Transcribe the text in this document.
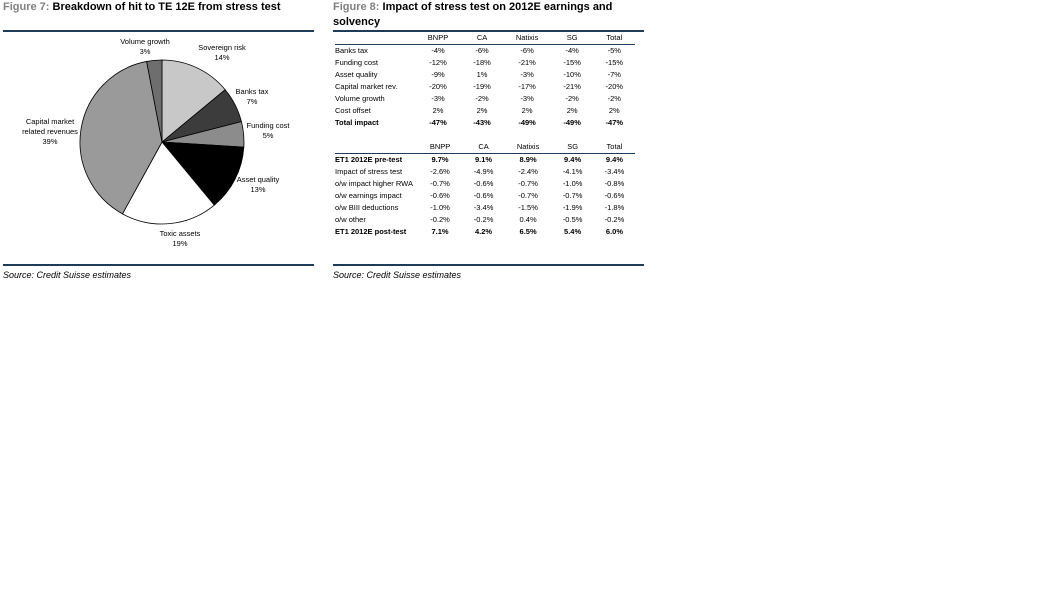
Figure 7: Breakdown of hit to TE 12E from stress test
Sovereign risk
14%
Banks tax
7%
Funding cost
5%
Asset quality
13%
Toxic assets
19%
Capital market
related revenues
39%
Volume growth
3%
Source: Credit Suisse estimates
Figure 8: Impact of stress test on 2012E earnings and
solvency
	BNPP	CA	Natixis	SG	Total
Banks tax	-4%	-6%	-6%	-4%	-5%
Funding cost	-12%	-18%	-21%	-15%	-15%
Asset quality	-9%	1%	-3%	-10%	-7%
Capital market rev.	-20%	-19%	-17%	-21%	-20%
Volume growth	-3%	-2%	-3%	-2%	-2%
Cost offset	2%	2%	2%	2%	2%
Total impact	-47%	-43%	-49%	-49%	-47%
	BNPP	CA	Natixis	SG	Total
ET1 2012E pre-test	9.7%	9.1%	8.9%	9.4%	9.4%
Impact of stress test	-2.6%	-4.9%	-2.4%	-4.1%	-3.4%
o/w impact higher RWA	-0.7%	-0.6%	-0.7%	-1.0%	-0.8%
o/w earnings impact	-0.6%	-0.6%	-0.7%	-0.7%	-0.6%
o/w BIII deductions	-1.0%	-3.4%	-1.5%	-1.9%	-1.8%
o/w other	-0.2%	-0.2%	0.4%	-0.5%	-0.2%
ET1 2012E post-test	7.1%	4.2%	6.5%	5.4%	6.0%
Source: Credit Suisse estimates
